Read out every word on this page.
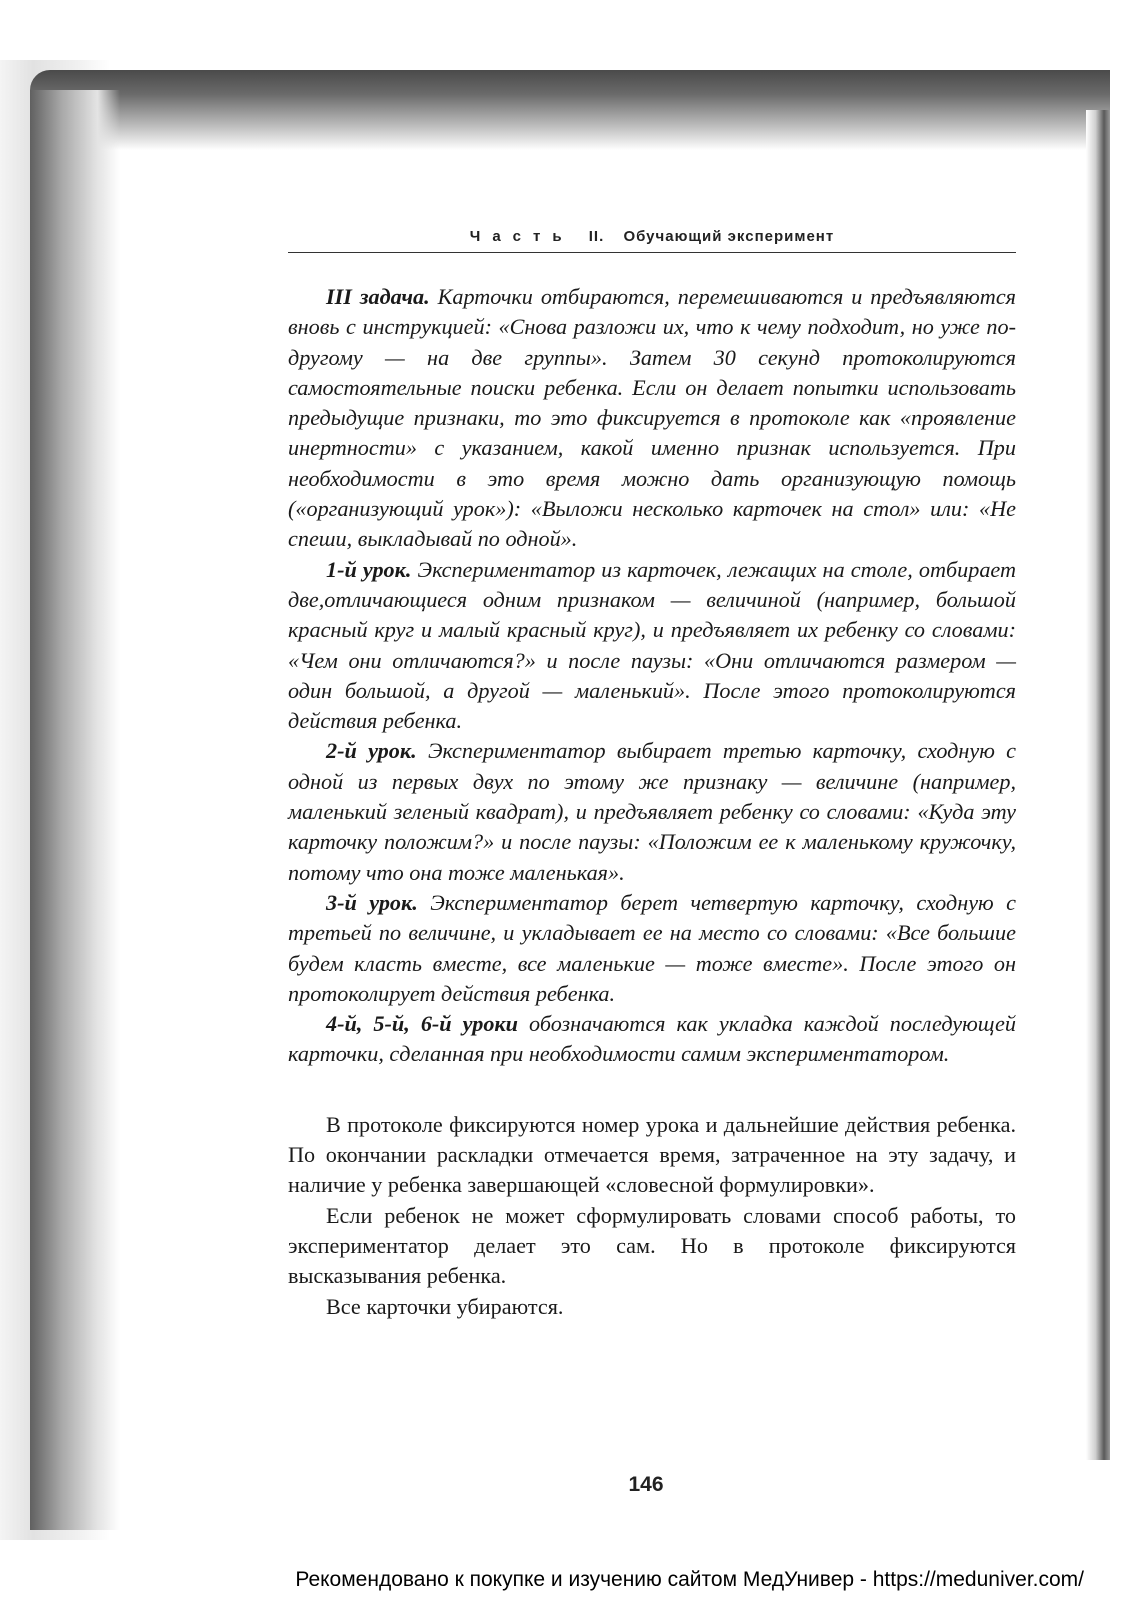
Часть II. Обучающий эксперимент

III задача. Карточки отбираются, перемешиваются и предъявляются вновь с инструкцией: «Снова разложи их, что к чему подходит, но уже по-другому — на две группы». Затем 30 секунд протоколируются самостоятельные поиски ребенка. Если он делает попытки использовать предыдущие признаки, то это фиксируется в протоколе как «проявление инертности» с указанием, какой именно признак используется. При необходимости в это время можно дать организующую помощь («организующий урок»): «Выложи несколько карточек на стол» или: «Не спеши, выкладывай по одной».

1-й урок. Экспериментатор из карточек, лежащих на столе, отбирает две,отличающиеся одним признаком — величиной (например, большой красный круг и малый красный круг), и предъявляет их ребенку со словами: «Чем они отличаются?» и после паузы: «Они отличаются размером — один большой, а другой — маленький». После этого протоколируются действия ребенка.

2-й урок. Экспериментатор выбирает третью карточку, сходную с одной из первых двух по этому же признаку — величине (например, маленький зеленый квадрат), и предъявляет ребенку со словами: «Куда эту карточку положим?» и после паузы: «Положим ее к маленькому кружочку, потому что она тоже маленькая».

3-й урок. Экспериментатор берет четвертую карточку, сходную с третьей по величине, и укладывает ее на место со словами: «Все большие будем класть вместе, все маленькие — тоже вместе». После этого он протоколирует действия ребенка.

4-й, 5-й, 6-й уроки обозначаются как укладка каждой последующей карточки, сделанная при необходимости самим экспериментатором.

В протоколе фиксируются номер урока и дальнейшие действия ребенка. По окончании раскладки отмечается время, затраченное на эту задачу, и наличие у ребенка завершающей «словесной формулировки».

Если ребенок не может сформулировать словами способ работы, то экспериментатор делает это сам. Но в протоколе фиксируются высказывания ребенка.

Все карточки убираются.

146
Рекомендовано к покупке и изучению сайтом МедУнивер - https://meduniver.com/
